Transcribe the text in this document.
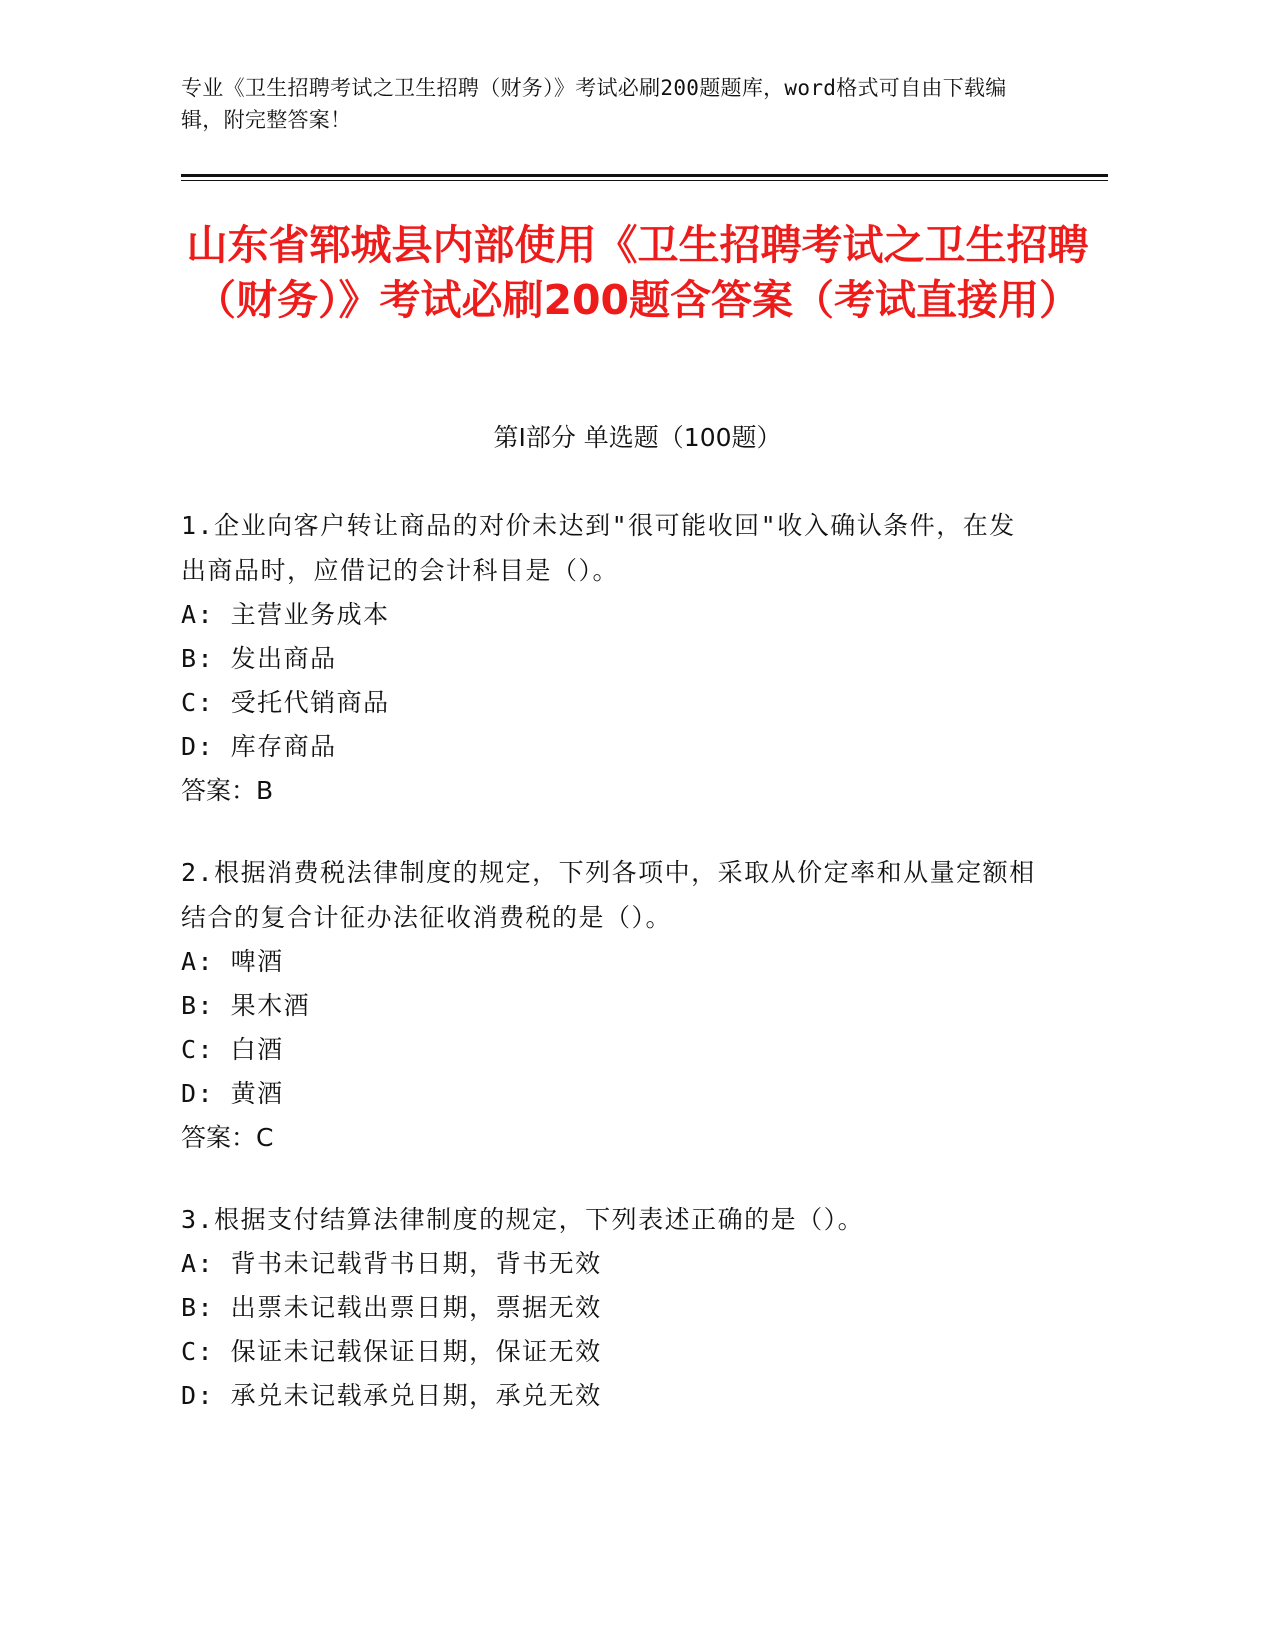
专业《卫生招聘考试之卫生招聘（财务）》考试必刷200题题库，word格式可自由下载编辑，附完整答案！
山东省郓城县内部使用《卫生招聘考试之卫生招聘（财务）》考试必刷200题含答案（考试直接用）
第I部分 单选题（100题）
1.企业向客户转让商品的对价未达到"很可能收回"收入确认条件，在发出商品时，应借记的会计科目是（）。
A: 主营业务成本
B: 发出商品
C: 受托代销商品
D: 库存商品
答案：B
2.根据消费税法律制度的规定，下列各项中，采取从价定率和从量定额相结合的复合计征办法征收消费税的是（）。
A: 啤酒
B: 果木酒
C: 白酒
D: 黄酒
答案：C
3.根据支付结算法律制度的规定，下列表述正确的是（）。
A: 背书未记载背书日期，背书无效
B: 出票未记载出票日期，票据无效
C: 保证未记载保证日期，保证无效
D: 承兑未记载承兑日期，承兑无效
